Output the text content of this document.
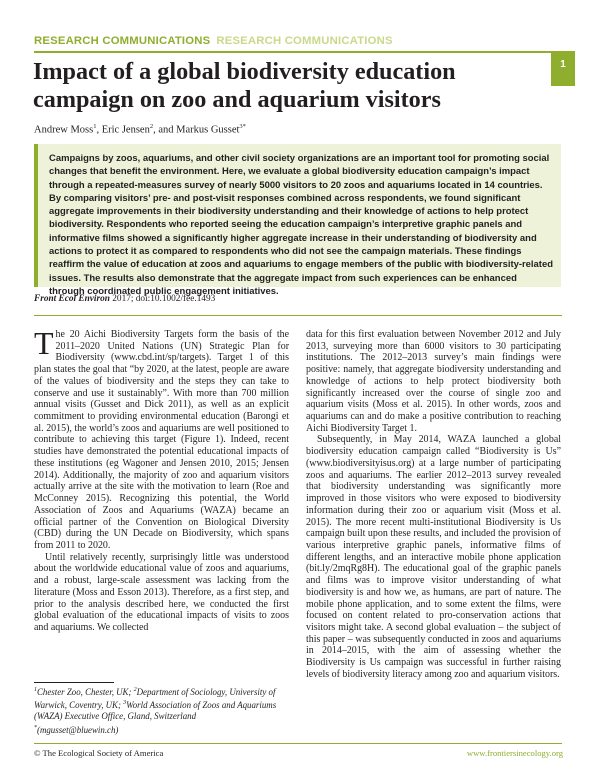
RESEARCH COMMUNICATIONS RESEARCH COMMUNICATIONS
1
Impact of a global biodiversity education campaign on zoo and aquarium visitors
Andrew Moss$^1$, Eric Jensen$^2$, and Markus Gusset$^{3*}$

Campaigns by zoos, aquariums, and other civil society organizations are an important tool for promoting social changes that benefit the environment. Here, we evaluate a global biodiversity education campaign’s impact through a repeated-measures survey of nearly 5000 visitors to 20 zoos and aquariums located in 14 countries. By comparing visitors’ pre- and post-visit responses combined across respondents, we found significant aggregate improvements in their biodiversity understanding and their knowledge of actions to help protect biodiversity. Respondents who reported seeing the education campaign’s interpretive graphic panels and informative films showed a significantly higher aggregate increase in their understanding of biodiversity and actions to protect it as compared to respondents who did not see the campaign materials. These findings reaffirm the value of education at zoos and aquariums to engage members of the public with biodiversity-related issues. The results also demonstrate that the aggregate impact from such experiences can be enhanced through coordinated public engagement initiatives.

Front Ecol Environ 2017; doi:10.1002/fee.1493

The 20 Aichi Biodiversity Targets form the basis of the 2011–2020 United Nations (UN) Strategic Plan for Biodiversity (www.cbd.int/sp/targets). Target 1 of this plan states the goal that “by 2020, at the latest, people are aware of the values of biodiversity and the steps they can take to conserve and use it sustainably”. With more than 700 million annual visits (Gusset and Dick 2011), as well as an explicit commitment to providing environmental education (Barongi et al. 2015), the world’s zoos and aquariums are well positioned to contribute to achieving this target (Figure 1). Indeed, recent studies have demonstrated the potential educational impacts of these institutions (eg Wagoner and Jensen 2010, 2015; Jensen 2014). Additionally, the majority of zoo and aquarium visitors actually arrive at the site with the motivation to learn (Roe and McConney 2015). Recognizing this potential, the World Association of Zoos and Aquariums (WAZA) became an official partner of the Convention on Biological Diversity (CBD) during the UN Decade on Biodiversity, which spans from 2011 to 2020.

Until relatively recently, surprisingly little was understood about the worldwide educational value of zoos and aquariums, and a robust, large-scale assessment was lacking from the literature (Moss and Esson 2013). Therefore, as a first step, and prior to the analysis described here, we conducted the first global evaluation of the educational impacts of visits to zoos and aquariums. We collected

data for this first evaluation between November 2012 and July 2013, surveying more than 6000 visitors to 30 participating institutions. The 2012–2013 survey’s main findings were positive: namely, that aggregate biodiversity understanding and knowledge of actions to help protect biodiversity both significantly increased over the course of single zoo and aquarium visits (Moss et al. 2015). In other words, zoos and aquariums can and do make a positive contribution to reaching Aichi Biodiversity Target 1.

Subsequently, in May 2014, WAZA launched a global biodiversity education campaign called “Biodiversity is Us” (www.biodiversityisus.org) at a large number of participating zoos and aquariums. The earlier 2012–2013 survey revealed that biodiversity understanding was significantly more improved in those visitors who were exposed to biodiversity information during their zoo or aquarium visit (Moss et al. 2015). The more recent multi-institutional Biodiversity is Us campaign built upon these results, and included the provision of various interpretive graphic panels, informative films of different lengths, and an interactive mobile phone application (bit.ly/2mqRg8H). The educational goal of the graphic panels and films was to improve visitor understanding of what biodiversity is and how we, as humans, are part of nature. The mobile phone application, and to some extent the films, were focused on content related to pro-conservation actions that visitors might take. A second global evaluation – the subject of this paper – was subsequently conducted in zoos and aquariums in 2014–2015, with the aim of assessing whether the Biodiversity is Us campaign was successful in further raising levels of biodiversity literacy among zoo and aquarium visitors.

$^1$Chester Zoo, Chester, UK; $^2$Department of Sociology, University of Warwick, Coventry, UK; $^3$World Association of Zoos and Aquariums (WAZA) Executive Office, Gland, Switzerland
*(mgusset@bluewin.ch)
© The Ecological Society of America	www.frontiersinecology.org
